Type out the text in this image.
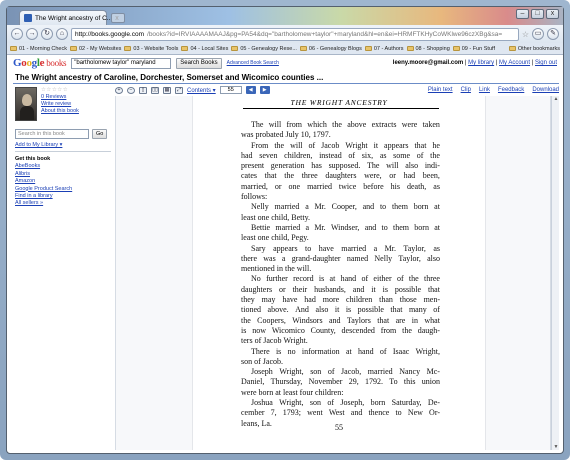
The Wright ancestry of C... x
–	□	x
←	→	↻	⌂	http://books.google.com /books?id=IRVIAAAAMAAJ&pg=PA54&dq="bartholomew+taylor"+maryland&hl=en&ei=HRMFTKHyCoWKlwe96czXBg&sa= ☆ ▭	✎
01 - Morning Check 02 - My Websites 03 - Website Tools 04 - Local Sites 05 - Genealogy Rese... 06 - Genealogy Blogs 07 - Authors 08 - Shopping 09 - Fun Stuff	Other bookmarks
Google books	"bartholomew taylor" maryland	Search Books	Advanced Book Search	leeny.moore@gmail.com | My library | My Account | Sign out
The Wright ancestry of Caroline, Dorchester, Somerset and Wicomico counties ...
☆☆☆☆☆
0 Reviews
Write review
About this book
Search in this book	Go
Add to My Library ▾
Get this book
AbeBooks
Alibris
Amazon
Google Product Search
Find in a library
All sellers »
+	−	▯	▯▯	▦	⤢	Contents ▾	55	◀	▶	Plain text Clip Link Feedback Download
THE WRIGHT ANCESTRY
The will from which the above extracts were taken
was probated July 10, 1797.
From the will of Jacob Wright it appears that he
had seven children, instead of six, as some of the
present generation has supposed. The will also indi-
cates that the three daughters were, or had been,
married, or one married twice before his death, as
follows:
Nelly married a Mr. Cooper, and to them born at
least one child, Betty.
Bettie married a Mr. Windser, and to them born at
least one child, Pegy.
Sary appears to have married a Mr. Taylor, as
there was a grand-daughter named Nelly Taylor, also
mentioned in the will.
No further record is at hand of either of the three
daughters or their husbands, and it is possible that
they may have had more children than those men-
tioned above. And also it is possible that many of
the Coopers, Windsors and Taylors that are in what
is now Wicomico County, descended from the daugh-
ters of Jacob Wright.
There is no information at hand of Isaac Wright,
son of Jacob.
Joseph Wright, son of Jacob, married Nancy Mc-
Daniel, Thursday, November 29, 1792. To this union
were born at least four children:
Joshua Wright, son of Joseph, born Saturday, De-
cember 7, 1793; went West and thence to New Or-
leans, La.	55
▲
▼
